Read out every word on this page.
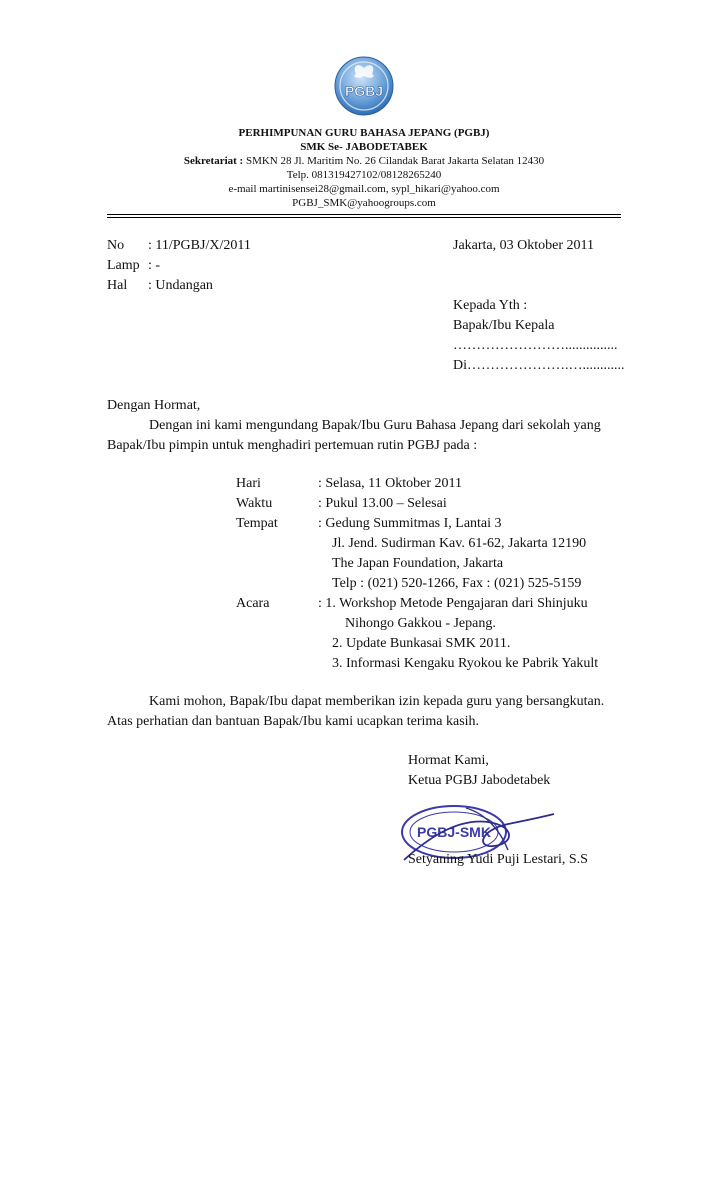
PGBJ
PERHIMPUNAN GURU BAHASA JEPANG (PGBJ)
SMK Se- JABODETABEK
Sekretariat : SMKN 28 Jl. Maritim No. 26 Cilandak Barat Jakarta Selatan 12430
Telp. 081319427102/08128265240
e-mail martinisensei28@gmail.com, sypl_hikari@yahoo.com
PGBJ_SMK@yahoogroups.com
No : 11/PGBJ/X/2011	Jakarta, 03 Oktober 2011
Lamp : -
Hal : Undangan
Kepada Yth :
Bapak/Ibu Kepala
……………………...............
Di………………….…............
Dengan Hormat,
Dengan ini kami mengundang Bapak/Ibu Guru Bahasa Jepang dari sekolah yang
Bapak/Ibu pimpin untuk menghadiri pertemuan rutin PGBJ pada :
Hari	: Selasa, 11 Oktober 2011
Waktu	: Pukul 13.00 – Selesai
Tempat	: Gedung Summitmas I, Lantai 3
Jl. Jend. Sudirman Kav. 61-62, Jakarta 12190
The Japan Foundation, Jakarta
Telp : (021) 520-1266, Fax : (021) 525-5159
Acara	: 1. Workshop Metode Pengajaran dari Shinjuku
Nihongo Gakkou - Jepang.
2. Update Bunkasai SMK 2011.
3. Informasi Kengaku Ryokou ke Pabrik Yakult
Kami mohon, Bapak/Ibu dapat memberikan izin kepada guru yang bersangkutan.
Atas perhatian dan bantuan Bapak/Ibu kami ucapkan terima kasih.
Hormat Kami,
Ketua PGBJ Jabodetabek
PGBJ-SMK
Setyaning Yudi Puji Lestari, S.S
